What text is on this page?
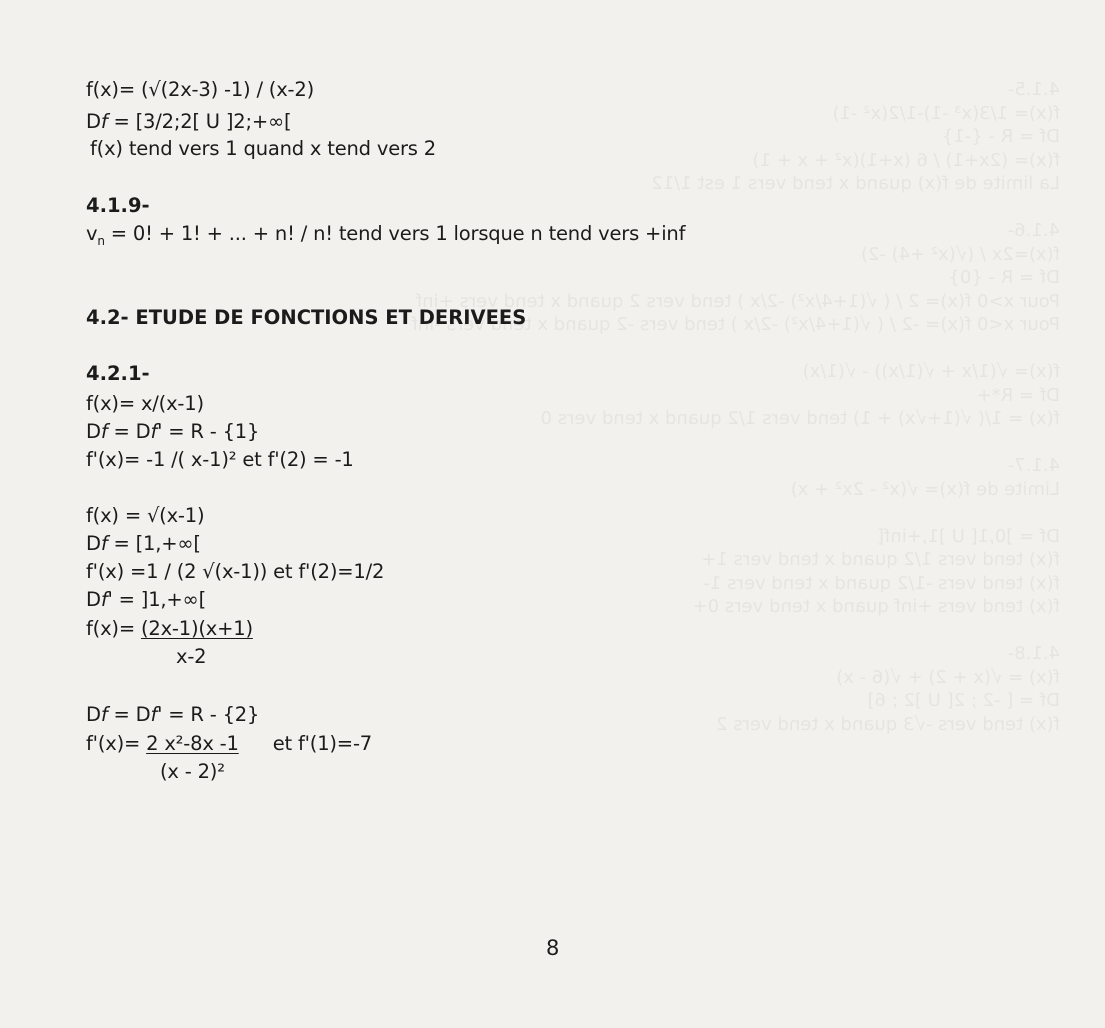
4.1.5-
f(x)= 1/3(x³ -1)-1/2(x² -1)
Df = R - {-1}
f(x)= (2x+1) / 6 (x+1)(x² + x + 1)
La limite de f(x) quand x tend vers 1 est 1/12
4.1.6-
f(x)=2x / (√(x² +4) -2)
Df = R - {0}
Pour x>0 f(x)= 2 / ( √(1+4/x²) -2/x ) tend vers 2 quand x tend vers +inf
Pour x<0 f(x)= -2 / ( √(1+4/x²) -2/x ) tend vers -2 quand x tend vers -inf
f(x)= √(1/x + √(1/x)) - √(1/x)
Df = R*+
f(x) = 1/( √(1+√x) + 1) tend vers 1/2 quand x tend vers 0
4.1.7-
Limite de f(x)= √(x² - 2x² + x)
Df = ]0,1[ U ]1,+inf[
f(x) tend vers 1/2 quand x tend vers 1+
f(x) tend vers -1/2 quand x tend vers 1-
f(x) tend vers +inf quand x tend vers 0+
4.1.8-
f(x) = √(x + 2) + √(6 - x)
Df = [ -2 ; 2[ U ]2 ; 6]
f(x) tend vers -√3 quand x tend vers 2
f(x)= (√(2x-3) -1) / (x-2)
Df = [3/2;2[ U ]2;+∞[
f(x) tend vers 1 quand x tend vers 2
4.1.9-
$v_n = 0$! + 1! + ... + n! / n! tend vers 1 lorsque n tend vers +inf
4.2- ETUDE DE FONCTIONS ET DERIVEES
4.2.1-
f(x)= x/(x-1)
Df = Df' = R - {1}
f'(x)= -1 /( x-1)² et f'(2) = -1
f(x) = √(x-1)
Df = [1,+∞[
f'(x) =1 / (2 √(x-1)) et f'(2)=1/2
Df' = ]1,+∞[
f(x)= (2x-1)(x+1)
x-2
Df = Df' = R - {2}
f'(x)= 2 x²-8x -1 et f'(1)=-7
(x - 2)²
8
